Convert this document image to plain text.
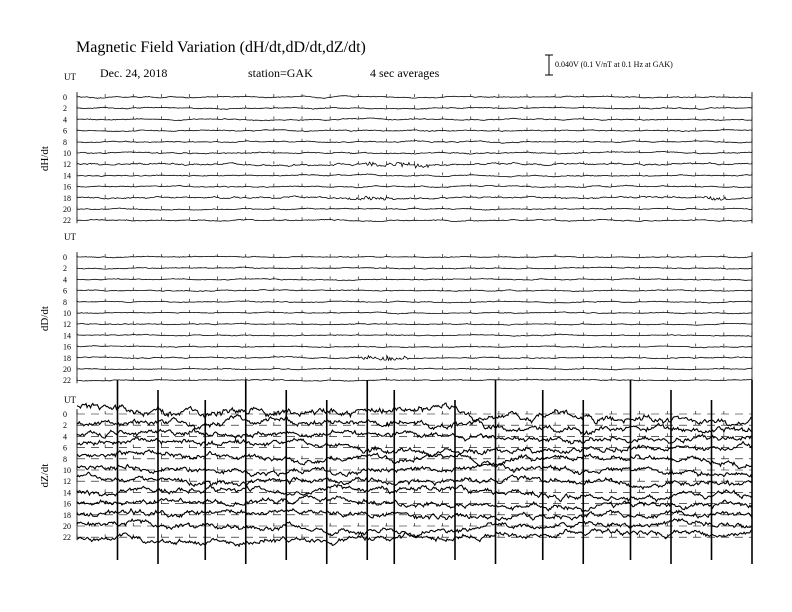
Magnetic Field Variation (dH/dt,dD/dt,dZ/dt)
Dec. 24, 2018	station=GAK	4 sec averages
0.040V (0.1 V/nT at 0.1 Hz at GAK)
UT
dH/dt
0
2
4
6
8
10
12
14
16
18
20
22
UT
dD/dt
0
2
4
6
8
10
12
14
16
18
20
22
UT
dZ/dt
0
2
4
6
8
10
12
14
16
18
20
22
